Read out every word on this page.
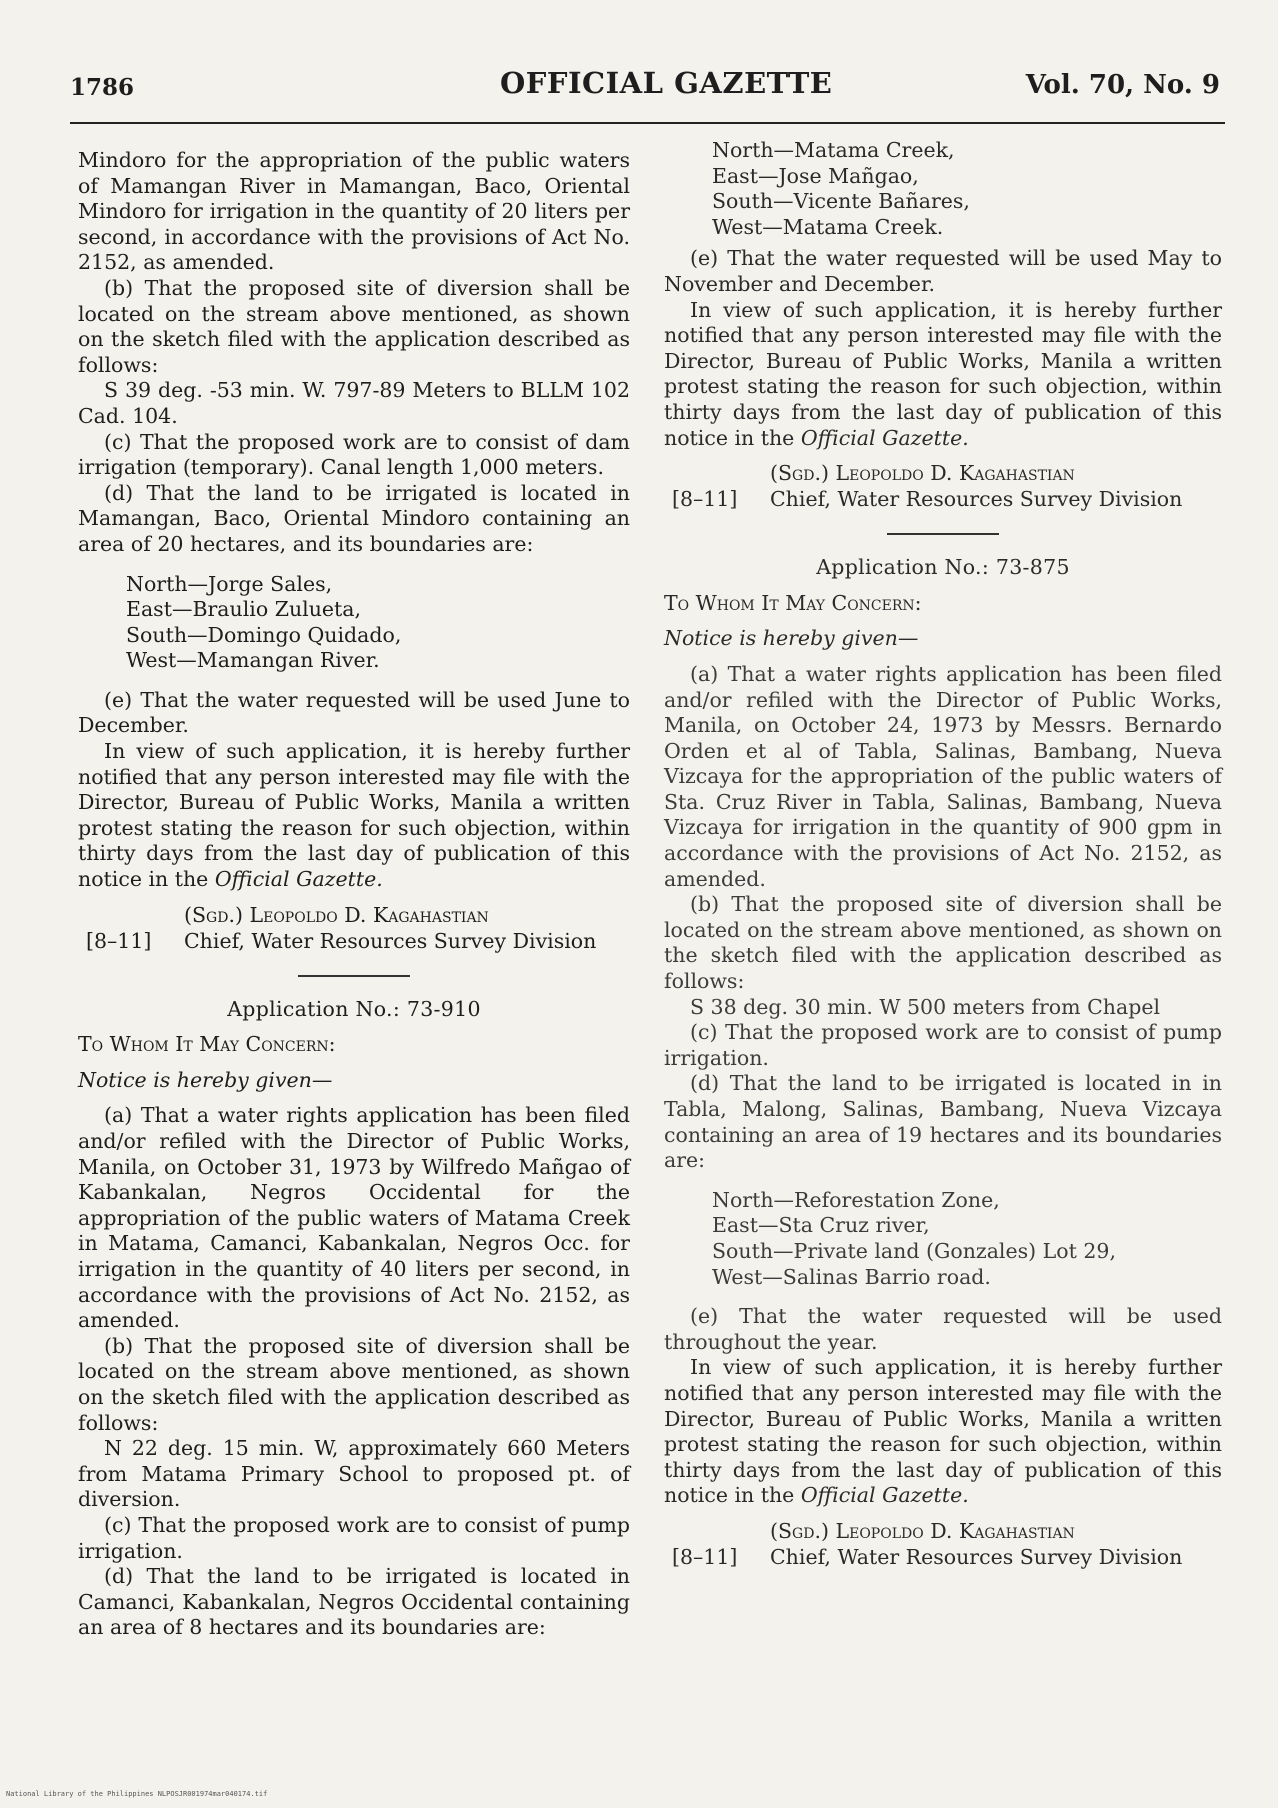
1786	OFFICIAL GAZETTE	Vol. 70, No. 9

Mindoro for the appropriation of the public waters of Mamangan River in Mamangan, Baco, Oriental Mindoro for irrigation in the quantity of 20 liters per second, in accordance with the provisions of Act No. 2152, as amended.

(b) That the proposed site of diversion shall be located on the stream above mentioned, as shown on the sketch filed with the application described as follows:

S 39 deg. -53 min. W. 797-89 Meters to BLLM 102 Cad. 104.

(c) That the proposed work are to consist of dam irrigation (temporary). Canal length 1,000 meters.

(d) That the land to be irrigated is located in Mamangan, Baco, Oriental Mindoro containing an area of 20 hectares, and its boundaries are:

North—Jorge Sales,
East—Braulio Zulueta,
South—Domingo Quidado,
West—Mamangan River.

(e) That the water requested will be used June to December.

In view of such application, it is hereby further notified that any person interested may file with the Director, Bureau of Public Works, Manila a written protest stating the reason for such objection, within thirty days from the last day of publication of this notice in the Official Gazette.

(Sgd.) Leopoldo D. Kagahastian
[8–11] Chief, Water Resources Survey Division
Application No.: 73-910
To Whom It May Concern:
Notice is hereby given—

(a) That a water rights application has been filed and/or refiled with the Director of Public Works, Manila, on October 31, 1973 by Wilfredo Mañgao of Kabankalan, Negros Occidental for the appropriation of the public waters of Matama Creek in Matama, Camanci, Kabankalan, Negros Occ. for irrigation in the quantity of 40 liters per second, in accordance with the provisions of Act No. 2152, as amended.

(b) That the proposed site of diversion shall be located on the stream above mentioned, as shown on the sketch filed with the application described as follows:

N 22 deg. 15 min. W, approximately 660 Meters from Matama Primary School to proposed pt. of diversion.

(c) That the proposed work are to consist of pump irrigation.

(d) That the land to be irrigated is located in Camanci, Kabankalan, Negros Occidental containing an area of 8 hectares and its boundaries are:

North—Matama Creek,
East—Jose Mañgao,
South—Vicente Bañares,
West—Matama Creek.

(e) That the water requested will be used May to November and December.

In view of such application, it is hereby further notified that any person interested may file with the Director, Bureau of Public Works, Manila a written protest stating the reason for such objection, within thirty days from the last day of publication of this notice in the Official Gazette.

(Sgd.) Leopoldo D. Kagahastian
[8–11] Chief, Water Resources Survey Division
Application No.: 73-875
To Whom It May Concern:
Notice is hereby given—

(a) That a water rights application has been filed and/or refiled with the Director of Public Works, Manila, on October 24, 1973 by Messrs. Bernardo Orden et al of Tabla, Salinas, Bambang, Nueva Vizcaya for the appropriation of the public waters of Sta. Cruz River in Tabla, Salinas, Bambang, Nueva Vizcaya for irrigation in the quantity of 900 gpm in accordance with the provisions of Act No. 2152, as amended.

(b) That the proposed site of diversion shall be located on the stream above mentioned, as shown on the sketch filed with the application described as follows:

S 38 deg. 30 min. W 500 meters from Chapel

(c) That the proposed work are to consist of pump irrigation.

(d) That the land to be irrigated is located in in Tabla, Malong, Salinas, Bambang, Nueva Vizcaya containing an area of 19 hectares and its boundaries are:

North—Reforestation Zone,
East—Sta Cruz river,
South—Private land (Gonzales) Lot 29,
West—Salinas Barrio road.

(e) That the water requested will be used throughout the year.

In view of such application, it is hereby further notified that any person interested may file with the Director, Bureau of Public Works, Manila a written protest stating the reason for such objection, within thirty days from the last day of publication of this notice in the Official Gazette.

(Sgd.) Leopoldo D. Kagahastian
[8–11] Chief, Water Resources Survey Division
National Library of the Philippines NLPOSJR001974mar040174.tif
